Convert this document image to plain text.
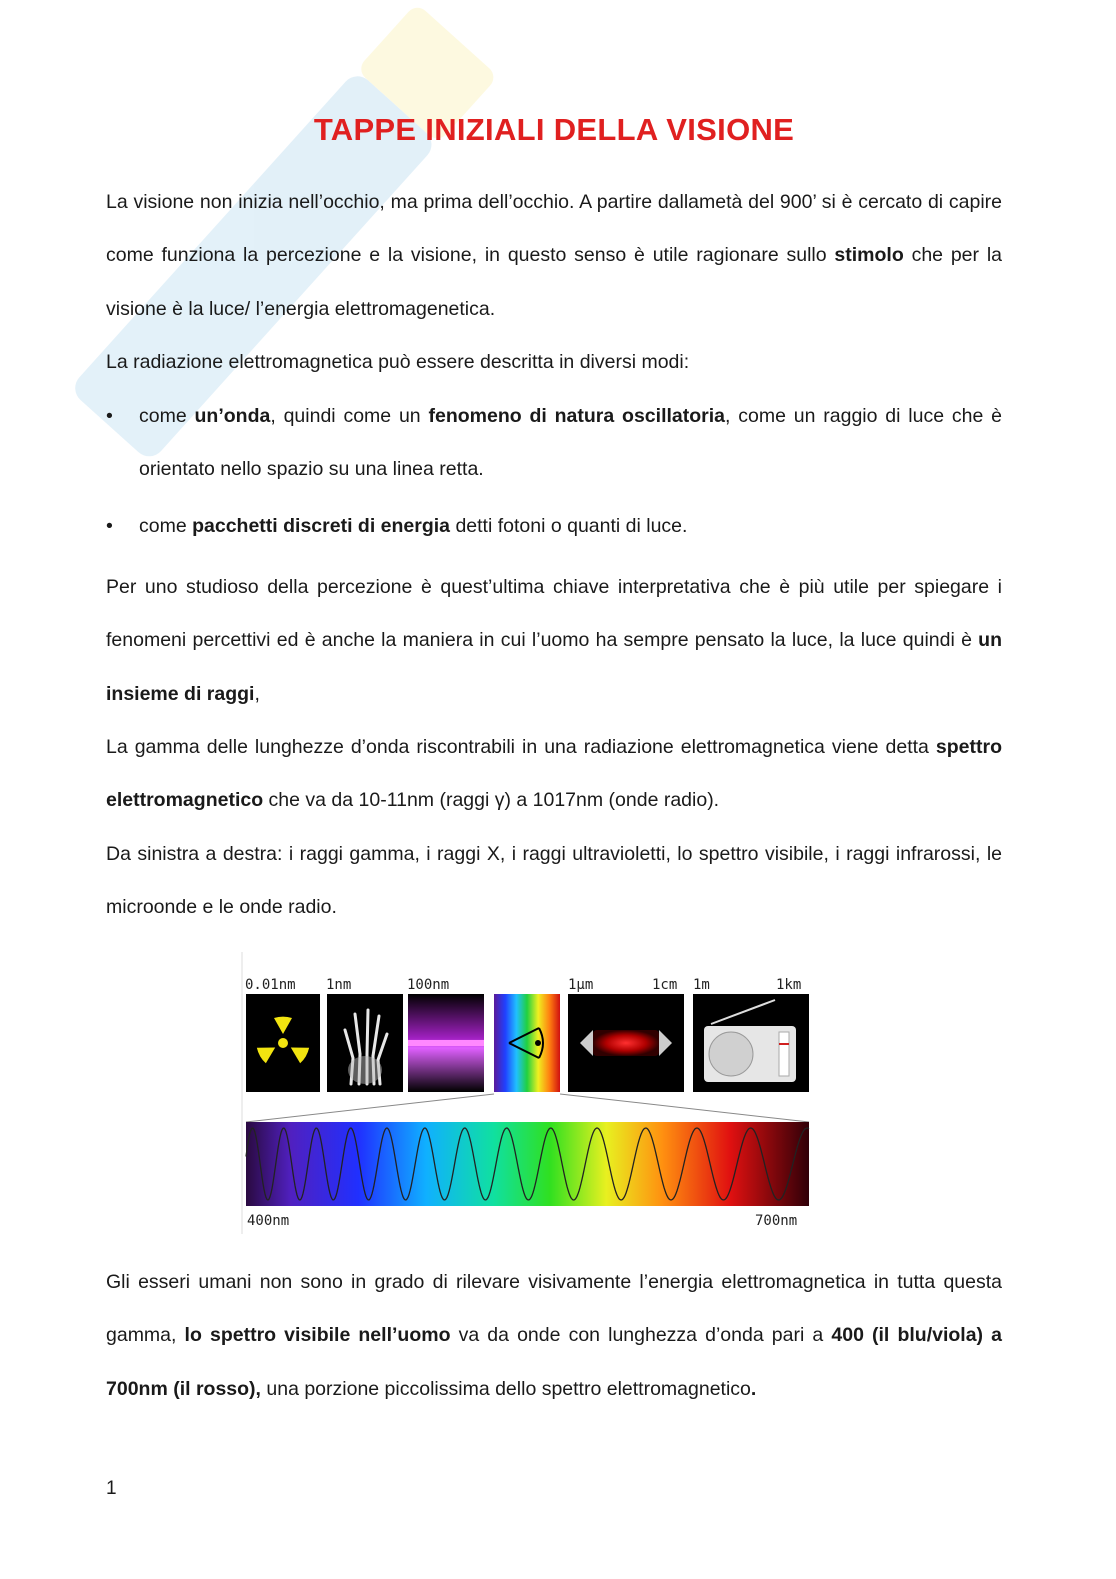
TAPPE INIZIALI DELLA VISIONE

La visione non inizia nell’occhio, ma prima dell’occhio. A partire dallametà del 900’ si è cercato di capire come funziona la percezione e la visione, in questo senso è utile ragionare sullo stimolo che per la visione è la luce/ l’energia elettromagenetica.

La radiazione elettromagnetica può essere descritta in diversi modi:

• come un’onda, quindi come un fenomeno di natura oscillatoria, come un raggio di luce che è orientato nello spazio su una linea retta.
• come pacchetti discreti di energia detti fotoni o quanti di luce.

Per uno studioso della percezione è quest’ultima chiave interpretativa che è più utile per spiegare i fenomeni percettivi ed è anche la maniera in cui l’uomo ha sempre pensato la luce, la luce quindi è un insieme di raggi,

La gamma delle lunghezze d’onda riscontrabili in una radiazione elettromagnetica viene detta spettro elettromagnetico che va da 10-11nm (raggi γ) a 1017nm (onde radio).

Da sinistra a destra: i raggi gamma, i raggi X, i raggi ultravioletti, lo spettro visibile, i raggi infrarossi, le microonde e le onde radio.

Gli esseri umani non sono in grado di rilevare visivamente l’energia elettromagnetica in tutta questa gamma, lo spettro visibile nell’uomo va da onde con lunghezza d’onda pari a 400 (il blu/viola) a 700nm (il rosso), una porzione piccolissima dello spettro elettromagnetico.

0.01nm 1nm	100nm	1μm	1cm 1m	1km
400nm	700nm
1
